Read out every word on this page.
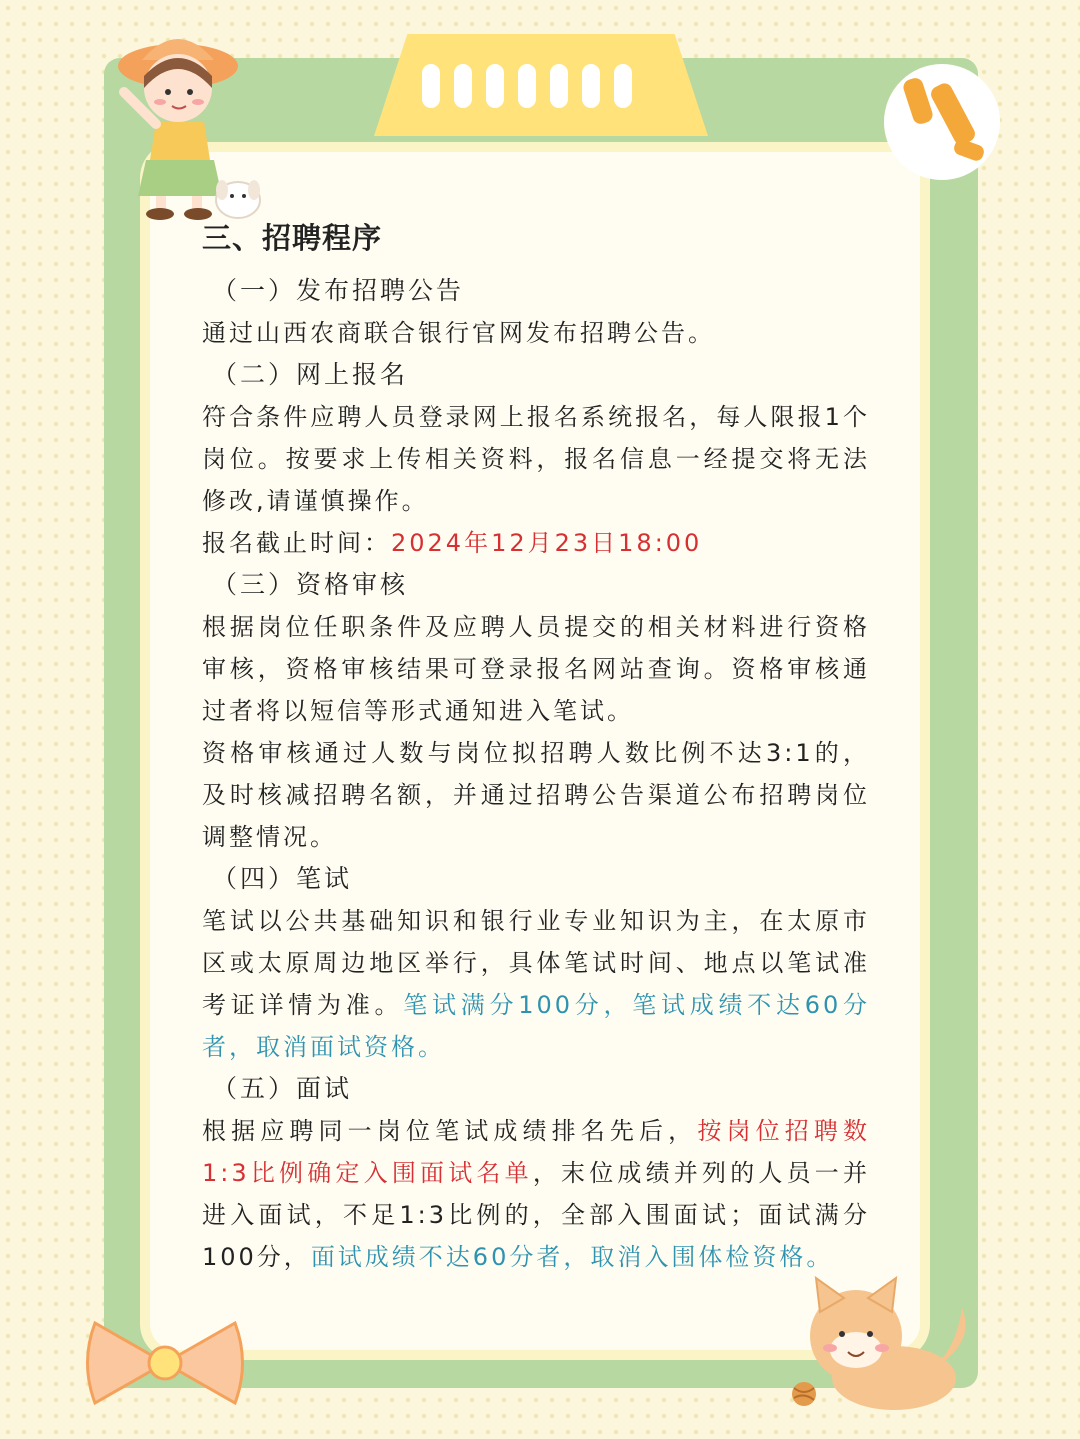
三、招聘程序
（一）发布招聘公告
通过山西农商联合银行官网发布招聘公告。
（二）网上报名
符合条件应聘人员登录网上报名系统报名，每人限报1个岗位。按要求上传相关资料，报名信息一经提交将无法修改,请谨慎操作。
报名截止时间：2024年12月23日18:00
（三）资格审核
根据岗位任职条件及应聘人员提交的相关材料进行资格审核，资格审核结果可登录报名网站查询。资格审核通过者将以短信等形式通知进入笔试。
资格审核通过人数与岗位拟招聘人数比例不达3:1的，及时核减招聘名额，并通过招聘公告渠道公布招聘岗位调整情况。
（四）笔试
笔试以公共基础知识和银行业专业知识为主，在太原市区或太原周边地区举行，具体笔试时间、地点以笔试准考证详情为准。笔试满分100分，笔试成绩不达60分者，取消面试资格。
（五）面试
根据应聘同一岗位笔试成绩排名先后，按岗位招聘数1:3比例确定入围面试名单，末位成绩并列的人员一并进入面试，不足1:3比例的，全部入围面试；面试满分100分，面试成绩不达60分者，取消入围体检资格。
